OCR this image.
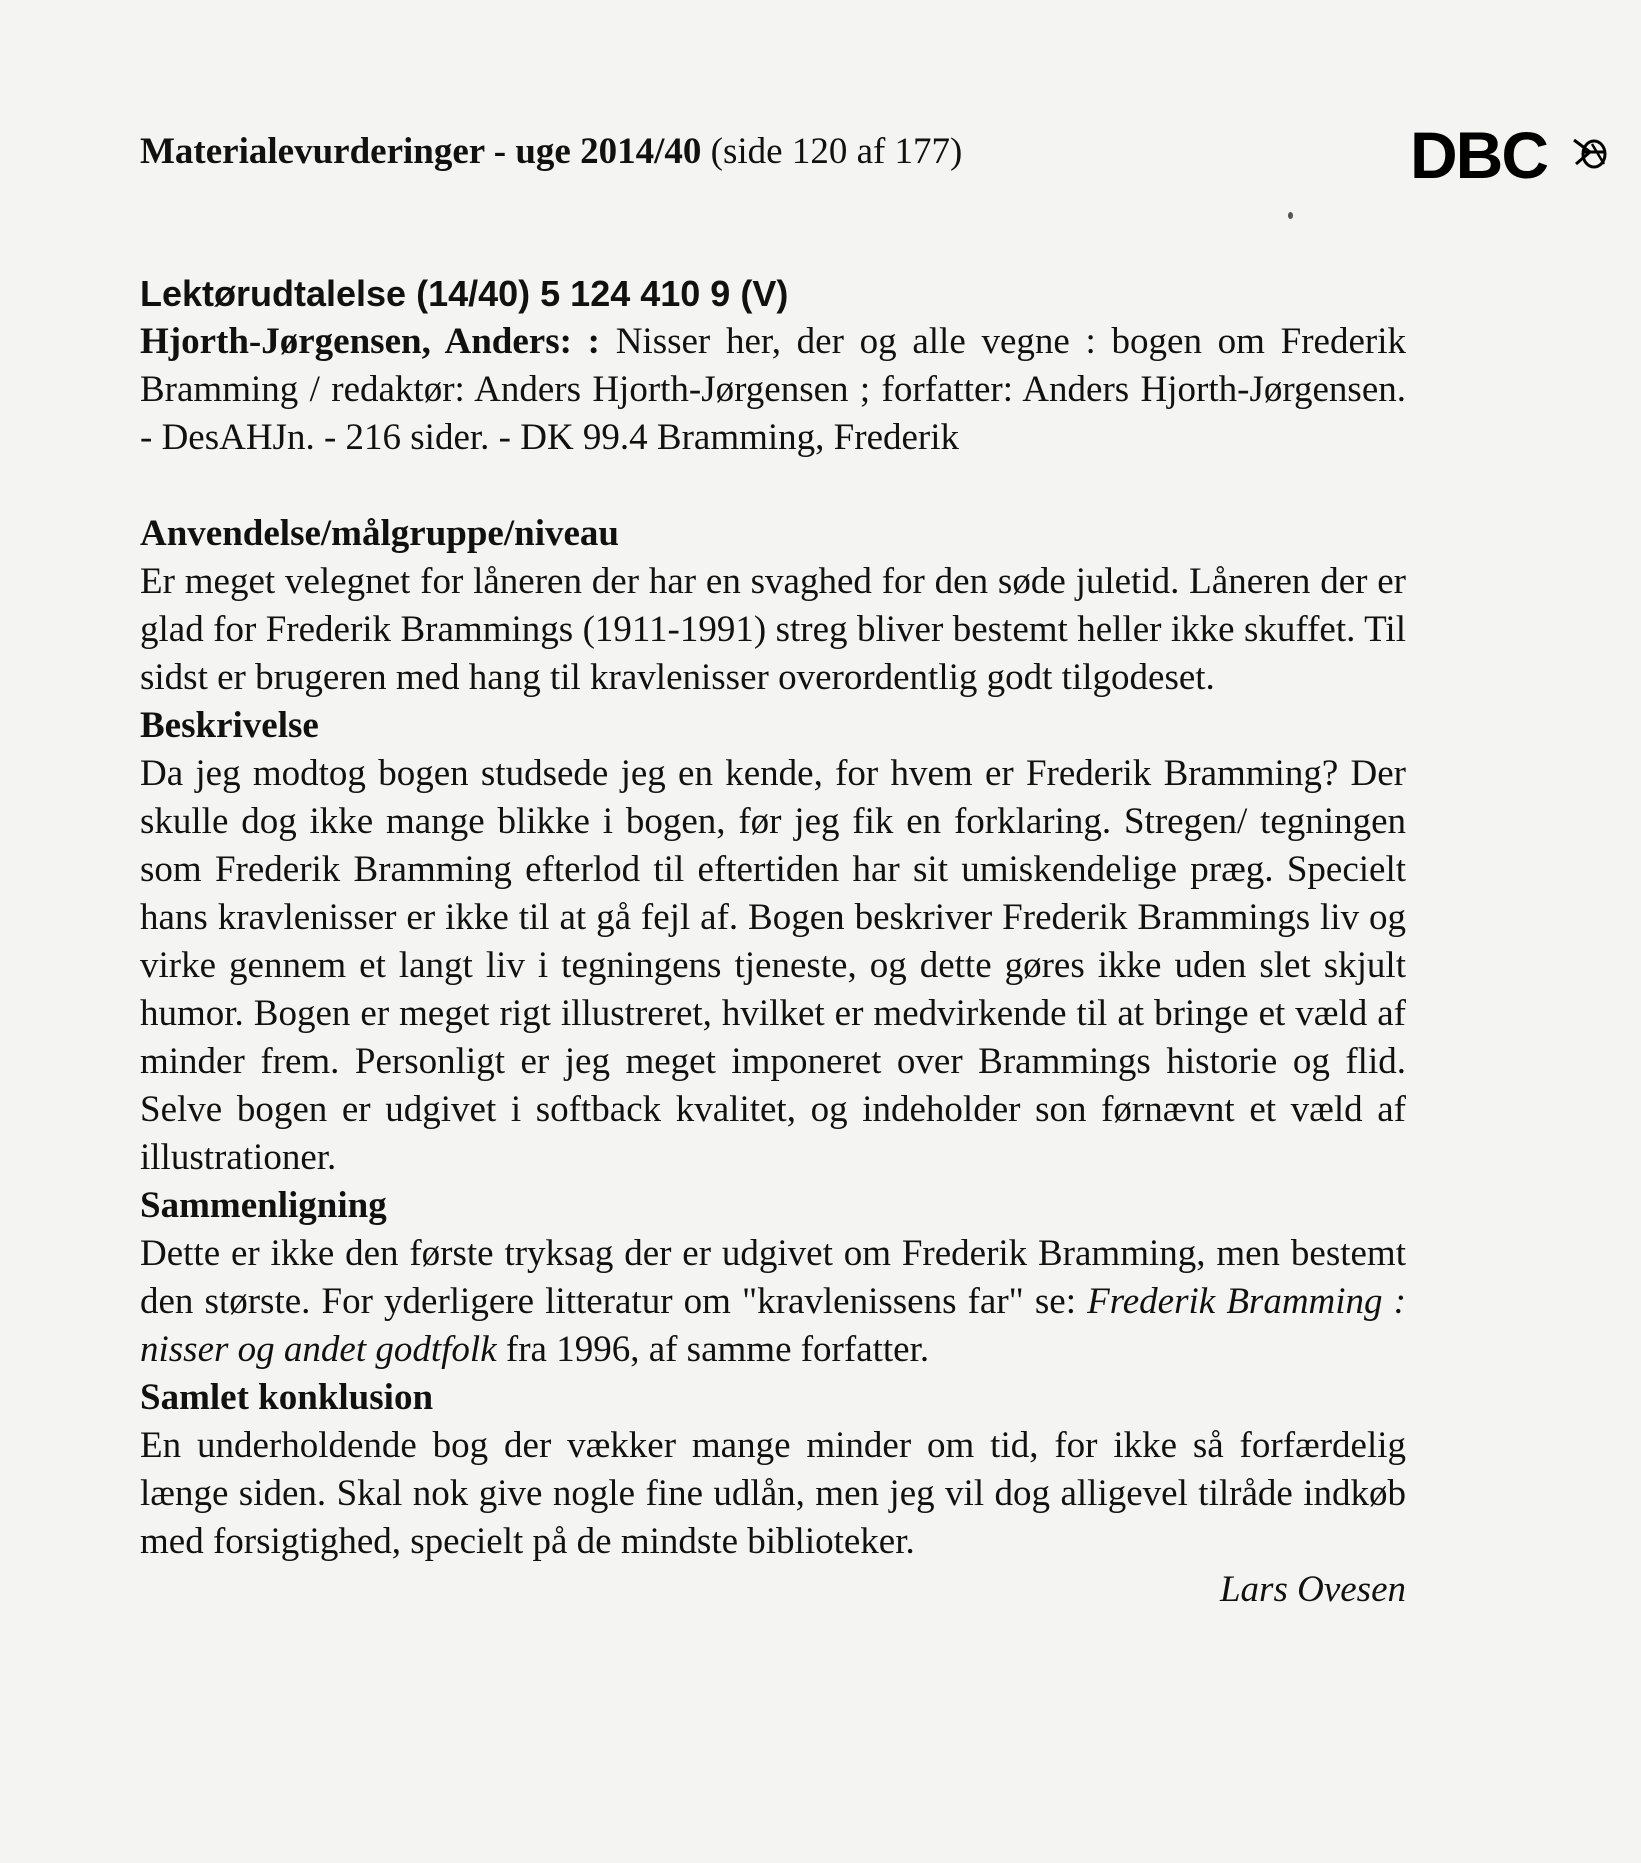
Materialevurderinger - uge 2014/40 (side 120 af 177)	DBC

Lektørudtalelse (14/40) 5 124 410 9 (V)

Hjorth-Jørgensen, Anders: : Nisser her, der og alle vegne : bogen om Frederik Bramming / redaktør: Anders Hjorth-Jørgensen ; forfatter: Anders Hjorth-Jørgensen. - DesAHJn. - 216 sider. - DK 99.4 Bramming, Frederik

Anvendelse/målgruppe/niveau

Er meget velegnet for låneren der har en svaghed for den søde juletid. Låneren der er glad for Frederik Brammings (1911-1991) streg bliver bestemt heller ikke skuffet. Til sidst er brugeren med hang til kravlenisser overordentlig godt tilgodeset.

Beskrivelse

Da jeg modtog bogen studsede jeg en kende, for hvem er Frederik Bramming? Der skulle dog ikke mange blikke i bogen, før jeg fik en forklaring. Stregen/ tegningen som Frederik Bramming efterlod til eftertiden har sit umiskendelige præg. Specielt hans kravlenisser er ikke til at gå fejl af. Bogen beskriver Frederik Brammings liv og virke gennem et langt liv i tegningens tjeneste, og dette gøres ikke uden slet skjult humor. Bogen er meget rigt illustreret, hvilket er medvirkende til at bringe et væld af minder frem. Personligt er jeg meget imponeret over Brammings historie og flid. Selve bogen er udgivet i softback kvalitet, og indeholder son førnævnt et væld af illustrationer.

Sammenligning

Dette er ikke den første tryksag der er udgivet om Frederik Bramming, men bestemt den største. For yderligere litteratur om "kravlenissens far" se: Frederik Bramming : nisser og andet godtfolk fra 1996, af samme forfatter.

Samlet konklusion

En underholdende bog der vækker mange minder om tid, for ikke så forfærdelig længe siden. Skal nok give nogle fine udlån, men jeg vil dog alligevel tilråde indkøb med forsigtighed, specielt på de mindste biblioteker.

Lars Ovesen
